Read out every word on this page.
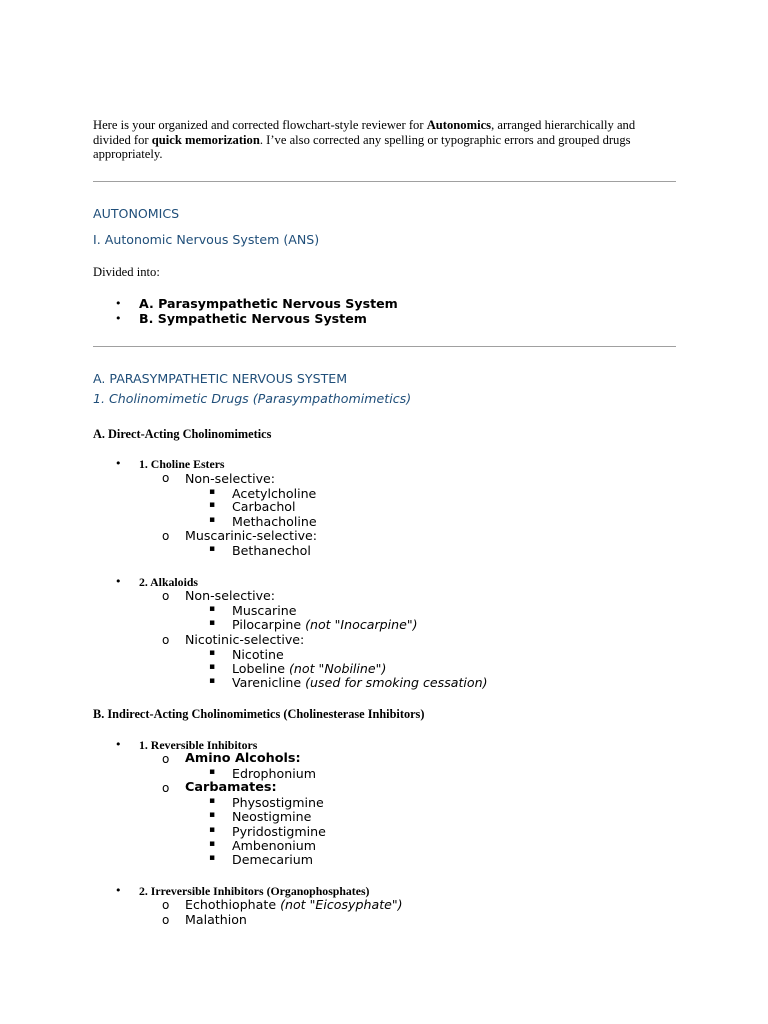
Here is your organized and corrected flowchart-style reviewer for Autonomics, arranged hierarchically and divided for quick memorization. I’ve also corrected any spelling or typographic errors and grouped drugs appropriately.
AUTONOMICS
I. Autonomic Nervous System (ANS)
Divided into:
• A. Parasympathetic Nervous System
• B. Sympathetic Nervous System
A. PARASYMPATHETIC NERVOUS SYSTEM
1. Cholinomimetic Drugs (Parasympathomimetics)
A. Direct-Acting Cholinomimetics
• 1. Choline Esters
o Non-selective:
▪ Acetylcholine
▪ Carbachol
▪ Methacholine
o Muscarinic-selective:
▪ Bethanechol
• 2. Alkaloids
o Non-selective:
▪ Muscarine
▪ Pilocarpine (not "Inocarpine")
o Nicotinic-selective:
▪ Nicotine
▪ Lobeline (not "Nobiline")
▪ Varenicline (used for smoking cessation)
B. Indirect-Acting Cholinomimetics (Cholinesterase Inhibitors)
• 1. Reversible Inhibitors
o Amino Alcohols:
▪ Edrophonium
o Carbamates:
▪ Physostigmine
▪ Neostigmine
▪ Pyridostigmine
▪ Ambenonium
▪ Demecarium
• 2. Irreversible Inhibitors (Organophosphates)
o Echothiophate (not "Eicosyphate")
o Malathion
